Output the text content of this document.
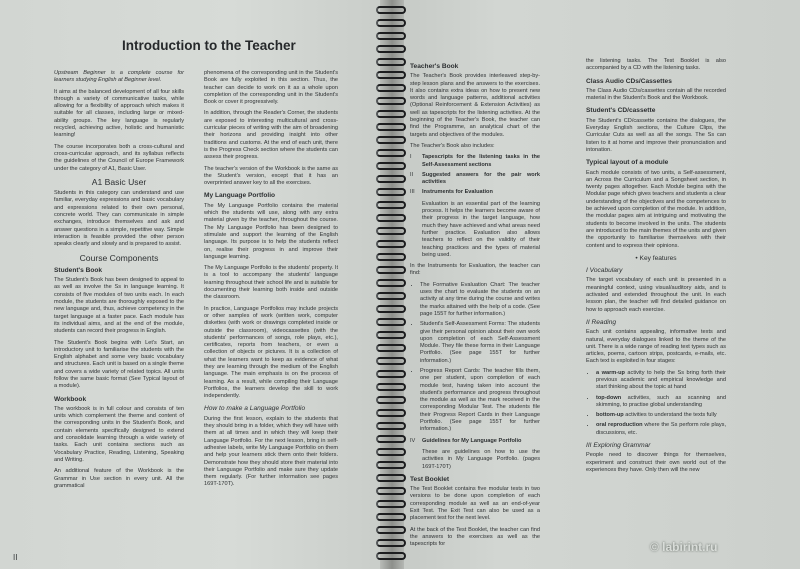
Introduction to the Teacher

Upstream Beginner is a complete course for learners studying English at Beginner level.

It aims at the balanced development of all four skills through a variety of communicative tasks, while allowing for a flexibility of approach which makes it suitable for all classes, including large or mixed-ability groups. The key language is regularly recycled, achieving active, holistic and humanistic learning!

The course incorporates both a cross-cultural and cross-curricular approach, and its syllabus reflects the guidelines of the Council of Europe Framework under the category of A1, Basic User.

A1 Basic User

Students in this category can understand and use familiar, everyday expressions and basic vocabulary and expressions related to their own personal, concrete world. They can communicate in simple exchanges, introduce themselves and ask and answer questions in a simple, repetitive way. Simple interaction is feasible provided the other person speaks clearly and slowly and is prepared to assist.

Course Components
Student's Book

The Student's Book has been designed to appeal to as well as involve the Ss in language learning. It consists of five modules of two units each. In each module, the students are thoroughly exposed to the new language and, thus, achieve competency in the target language at a faster pace. Each module has its individual aims, and at the end of the module, students can record their progress in English.

The Student's Book begins with Let's Start, an introductory unit to familiarise the students with the English alphabet and some very basic vocabulary and structures. Each unit is based on a single theme and covers a wide variety of related topics. All units follow the same basic format (See Typical layout of a module).

Workbook

The workbook is in full colour and consists of ten units which complement the theme and content of the corresponding units in the Student's Book, and contain elements specifically designed to extend and consolidate learning through a wide variety of tasks. Each unit contains sections such as Vocabulary Practice, Reading, Listening, Speaking and Writing.

An additional feature of the Workbook is the Grammar in Use section in every unit. All the grammatical

phenomena of the corresponding unit in the Student's Book are fully exploited in this section. Thus, the teacher can decide to work on it as a whole upon completion of the corresponding unit in the Student's Book or cover it progressively.

In addition, through the Reader's Corner, the students are exposed to interesting multicultural and cross-curricular pieces of writing with the aim of broadening their horizons and providing insight into other traditions and customs. At the end of each unit, there is the Progress Check section where the students can assess their progress.

The teacher's version of the Workbook is the same as the Student's version, except that it has an overprinted answer key to all the exercises.

My Language Portfolio

The My Language Portfolio contains the material which the students will use, along with any extra material given by the teacher, throughout the course. The My Language Portfolio has been designed to stimulate and support the learning of the English language. Its purpose is to help the students reflect on, realise their progress in and improve their language learning.

The My Language Portfolio is the students' property. It is a tool to accompany the students' language learning throughout their school life and is suitable for documenting their learning both inside and outside the classroom.

In practice, Language Portfolios may include projects or other samples of work (written work, computer diskettes (with work or drawings completed inside or outside the classroom), videocassettes (with the students' performances of songs, role plays, etc.), certificates, reports from teachers, or even a collection of objects or pictures. It is a collection of what the learners want to keep as evidence of what they are learning through the medium of the English language. The main emphasis is on the process of learning. As a result, while compiling their Language Portfolios, the learners develop the skill to work independently.

How to make a Language Portfolio

During the first lesson, explain to the students that they should bring in a folder, which they will have with them at all times and in which they will keep their Language Portfolio. For the next lesson, bring in self-adhesive labels, write My Language Portfolio on them and help your learners stick them onto their folders. Demonstrate how they should store their material into their Language Portfolio and make sure they update them regularly. (For further information see pages 169T-170T).

II
Teacher's Book

The Teacher's Book provides interleaved step-by-step lesson plans and the answers to the exercises. It also contains extra ideas on how to present new words and language patterns, additional activities (Optional Reinforcement & Extension Activities) as well as tapescripts for the listening activities. At the beginning of the Teacher's Book, the teacher can find the Programme, an analytical chart of the targets and objectives of the modules.

The Teacher's Book also includes:

I	Tapescripts for the listening tasks in the Self-Assessment sections
II	Suggested answers for the pair work activities
III	Instruments for Evaluation

Evaluation is an essential part of the learning process. It helps the learners become aware of their progress in the target language, how much they have achieved and what areas need further practice. Evaluation also allows teachers to reflect on the validity of their teaching practices and the types of material being used.

In the Instruments for Evaluation, the teacher can find:

• The Formative Evaluation Chart: The teacher uses the chart to evaluate the students on an activity at any time during the course and writes the marks attained with the help of a code. (See page 155T for further information.)
• Student's Self-Assessment Forms: The students give their personal opinion about their own work upon completion of each Self-Assessment Module. They file these forms in their Language Portfolio. (See page 155T for further information.)
• Progress Report Cards: The teacher fills them, one per student, upon completion of each module test, having taken into account the student's performance and progress throughout the module as well as the mark received in the corresponding Modular Test. The students file their Progress Report Cards in their Language Portfolio. (See page 155T for further information.)
IV	Guidelines for My Language Portfolio

These are guidelines on how to use the activities in My Language Portfolio. (pages 169T-170T)

Test Booklet

The Test Booklet contains five modular tests in two versions to be done upon completion of each corresponding module as well as an end-of-year Exit Test. The Exit Test can also be used as a placement test for the next level.

At the back of the Test Booklet, the teacher can find the answers to the exercises as well as the tapescripts for

the listening tasks. The Test Booklet is also accompanied by a CD with the listening tasks.

Class Audio CDs/Cassettes

The Class Audio CDs/cassettes contain all the recorded material in the Student's Book and the Workbook.

Student's CD/cassette

The Student's CD/cassette contains the dialogues, the Everyday English sections, the Culture Clips, the Curricular Cuts as well as all the songs. The Ss can listen to it at home and improve their pronunciation and intonation.

Typical layout of a module

Each module consists of two units, a Self-assessment, an Across the Curriculum and a Songsheet section, in twenty pages altogether. Each Module begins with the Modular page which gives teachers and students a clear understanding of the objectives and the competences to be achieved upon completion of the module. In addition, the modular pages aim at intriguing and motivating the students to become involved in the units. The students are introduced to the main themes of the units and given the opportunity to familiarise themselves with their content and to express their opinions.

• Key features
I Vocabulary

The target vocabulary of each unit is presented in a meaningful context, using visual/auditory aids, and is activated and extended throughout the unit. In each lesson plan, the teacher will find detailed guidance on how to approach each exercise.

II Reading

Each unit contains appealing, informative texts and natural, everyday dialogues linked to the theme of the unit. There is a wide range of reading text types such as articles, poems, cartoon strips, postcards, e-mails, etc. Each text is exploited in four stages:

• a warm-up activity to help the Ss bring forth their previous academic and empirical knowledge and start thinking about the topic at hand
• top-down activities, such as scanning and skimming, to practise global understanding
• bottom-up activities to understand the texts fully
• oral reproduction where the Ss perform role plays, discussions, etc.
III Exploring Grammar

People need to discover things for themselves, experiment and construct their own world out of the experiences they have. Only then will the new

© labirint.ru
